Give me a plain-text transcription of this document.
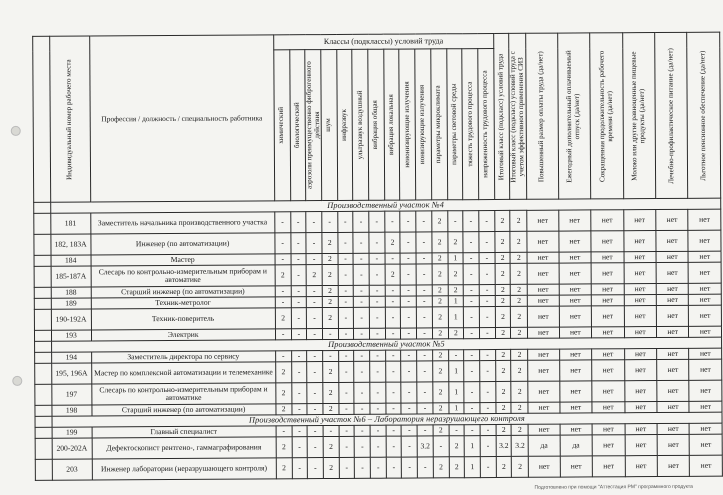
	Индивидуальный номер рабочего места	Профессия / должность / специальность работника	Классы (подклассы) условий труда														Итоговый класс (подкласс) условий труда	Итоговый класс (подкласс) условий труда с учетом эффективного применения СИЗ	Повышенный размер оплаты труда (да/нет)	Ежегодный дополнительный оплачиваемый отпуск (да/нет)	Сокращенная продолжительность рабочего времени (да/нет)	Молоко или другие равноценные пищевые продукты (да/нет)	Лечебно-профилактическое питание (да/нет)	Льготное пенсионное обеспечение (да/нет)

			химический	биологический	аэрозоли преимущественно фиброгенного действия	шум	инфразвук	ультразвук воздушный	вибрация общая	вибрация локальная	неионизирующие излучения	ионизирующие излучения	параметры микроклимата	параметры световой среды	тяжесть трудового процесса	напряженность трудового процесса								

	Производственный участок №4																							
	181	Заместитель начальника производственного участка	-	-	-	-	-	-	-	-	-	-	2	-	-	-	2	2	нет	нет	нет	нет	нет	нет
	182, 183А	Инженер (по автоматизации)	-	-	-	2	-	-	-	2	-	-	2	2	-	-	2	2	нет	нет	нет	нет	нет	нет
	184	Мастер	-	-	-	2	-	-	-	-	-	-	2	1	-	-	2	2	нет	нет	нет	нет	нет	нет
	185-187А	Слесарь по контрольно-измерительным приборам и автоматике	2	-	2	2	-	-	-	2	-	-	2	2	-	-	2	2	нет	нет	нет	нет	нет	нет
	188	Старший инженер (по автоматизации)	-	-	-	2	-	-	-	-	-	-	2	2	-	-	2	2	нет	нет	нет	нет	нет	нет
	189	Техник-метролог	-	-	-	2	-	-	-	-	-	-	2	1	-	-	2	2	нет	нет	нет	нет	нет	нет
	190-192А	Техник-поверитель	2	-	-	2	-	-	-	-	-	-	2	1	-	-	2	2	нет	нет	нет	нет	нет	нет
	193	Электрик	-	-	-	-	-	-	-	-	-	-	2	2	-	-	2	2	нет	нет	нет	нет	нет	нет
	Производственный участок №5																							
	194	Заместитель директора по сервису	-	-	-	-	-	-	-	-	-	-	2	-	-	-	2	2	нет	нет	нет	нет	нет	нет
	195, 196А	Мастер по комплексной автоматизации и телемеханике	2	-	-	2	-	-	-	-	-	-	2	1	-	-	2	2	нет	нет	нет	нет	нет	нет
	197	Слесарь по контрольно-измерительным приборам и автоматике	2	-	-	2	-	-	-	-	-	-	2	1	-	-	2	2	нет	нет	нет	нет	нет	нет
	198	Старший инженер (по автоматизации)	2	-	-	2	-	-	-	-	-	-	2	1	-	-	2	2	нет	нет	нет	нет	нет	нет
	Производственный участок №6 – Лаборатория неразрушающего контроля																							
	199	Главный специалист	-	-	-	-	-	-	-	-	-	-	2	-	-	-	2	2	нет	нет	нет	нет	нет	нет
	200-202А	Дефектоскопист рентгено-, гаммаграфирования	2	-	-	2	-	-	-	-	-	3.2	-	2	1	-	3.2	3.2	да	да	нет	нет	нет	нет
	203	Инженер лаборатории (неразрушающего контроля)	2	-	-	2	-	-	-	-	-	-	2	2	1	-	2	2	нет	нет	нет	нет	нет	нет
Подготовлено при помощи "Аттестация РМ" программного продукта
